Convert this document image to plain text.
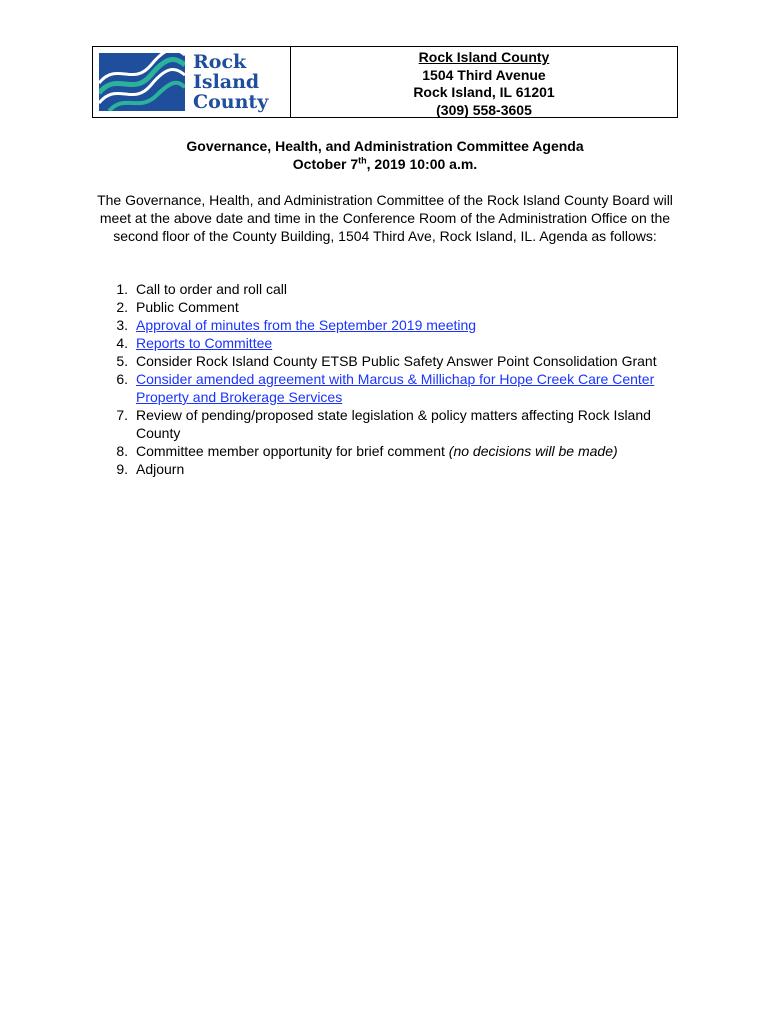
Rock
Island
County
Rock Island County
1504 Third Avenue
Rock Island, IL 61201
(309) 558-3605
Governance, Health, and Administration Committee Agenda
October 7th, 2019 10:00 a.m.
The Governance, Health, and Administration Committee of the Rock Island County Board will meet at the above date and time in the Conference Room of the Administration Office on the second floor of the County Building, 1504 Third Ave, Rock Island, IL. Agenda as follows:
1. Call to order and roll call
2. Public Comment
3. Approval of minutes from the September 2019 meeting
4. Reports to Committee
5. Consider Rock Island County ETSB Public Safety Answer Point Consolidation Grant
6. Consider amended agreement with Marcus & Millichap for Hope Creek Care Center Property and Brokerage Services
7. Review of pending/proposed state legislation & policy matters affecting Rock Island County
8. Committee member opportunity for brief comment (no decisions will be made)
9. Adjourn
